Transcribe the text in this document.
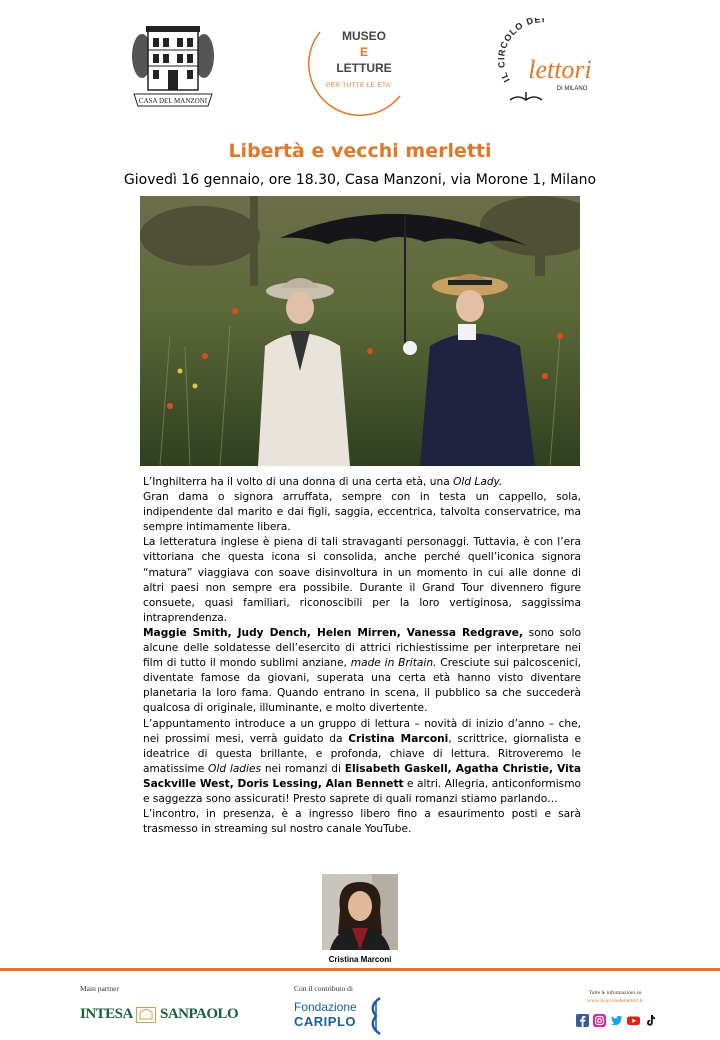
CASA DEL MANZONI
MUSEO
E
LETTURE
PER TUTTE LE ETA'
IL CIRCOLO DEI
lettori
DI MILANO
Libertà e vecchi merletti
Giovedì 16 gennaio, ore 18.30, Casa Manzoni, via Morone 1, Milano

L’Inghilterra ha il volto di una donna di una certa età, una Old Lady.

Gran dama o signora arruffata, sempre con in testa un cappello, sola, indipendente dal marito e dai figli, saggia, eccentrica, talvolta conservatrice, ma sempre intimamente libera.

La letteratura inglese è piena di tali stravaganti personaggi. Tuttavia, è con l’era vittoriana che questa icona si consolida, anche perché quell’iconica signora “matura” viaggiava con soave disinvoltura in un momento in cui alle donne di altri paesi non sempre era possibile. Durante il Grand Tour divennero figure consuete, quasi familiari, riconoscibili per la loro vertiginosa, saggissima intraprendenza.

Maggie Smith, Judy Dench, Helen Mirren, Vanessa Redgrave, sono solo alcune delle soldatesse dell’esercito di attrici richiestissime per interpretare nei film di tutto il mondo sublimi anziane, made in Britain. Cresciute sui palcoscenici, diventate famose da giovani, superata una certa età hanno visto diventare planetaria la loro fama. Quando entrano in scena, il pubblico sa che succederà qualcosa di originale, illuminante, e molto divertente.

L’appuntamento introduce a un gruppo di lettura – novità di inizio d’anno – che, nei prossimi mesi, verrà guidato da Cristina Marconi, scrittrice, giornalista e ideatrice di questa brillante, e profonda, chiave di lettura. Ritroveremo le amatissime Old ladies nei romanzi di Elisabeth Gaskell, Agatha Christie, Vita Sackville West, Doris Lessing, Alan Bennett e altri. Allegria, anticonformismo e saggezza sono assicurati! Presto saprete di quali romanzi stiamo parlando…

L’incontro, in presenza, è a ingresso libero fino a esaurimento posti e sarà trasmesso in streaming sul nostro canale YouTube.

Cristina Marconi
Main partner
INTESA SANPAOLO
Con il contributo di
Fondazione
CARIPLO
Tutte le informazioni su
www.ilcircolodeilettori.it
